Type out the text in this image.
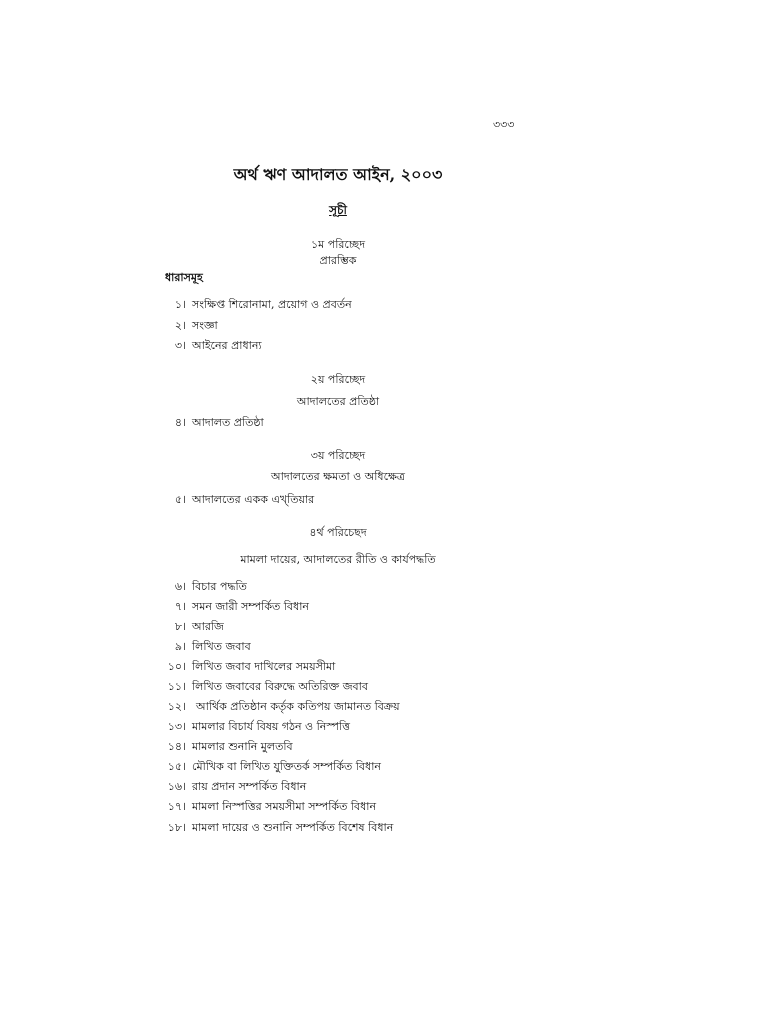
৩৩৩
অর্থ ঋণ আদালত আইন, ২০০৩
সূচী
১ম পরিচ্ছেদ
প্রারম্ভিক
ধারাসমূহ
১। সংক্ষিপ্ত শিরোনামা, প্রয়োগ ও প্রবর্তন
২। সংজ্ঞা
৩। আইনের প্রাধান্য
২য় পরিচ্ছেদ
আদালতের প্রতিষ্ঠা
৪। আদালত প্রতিষ্ঠা
৩য় পরিচ্ছেদ
আদালতের ক্ষমতা ও অধিক্ষেত্র
৫। আদালতের একক এখ্‌তিয়ার
৪র্থ পরিচেছদ
মামলা দায়ের, আদালতের রীতি ও কার্যপদ্ধতি
৬। বিচার পদ্ধতি
৭। সমন জারী সম্পর্কিত বিধান
৮। আরজি
৯। লিখিত জবাব
১০। লিখিত জবাব দাখিলের সময়সীমা
১১। লিখিত জবাবের বিরুদ্ধে অতিরিক্ত জবাব
১২। আর্থিক প্রতিষ্ঠান কর্তৃক কতিপয় জামানত বিক্রয়
১৩। মামলার বিচার্য বিষয় গঠন ও নিস্পত্তি
১৪। মামলার শুনানি মুলতবি
১৫। মৌখিক বা লিখিত যুক্তিতর্ক সম্পর্কিত বিধান
১৬। রায় প্রদান সম্পর্কিত বিধান
১৭। মামলা নিস্পত্তির সময়সীমা সম্পর্কিত বিধান
১৮। মামলা দায়ের ও শুনানি সম্পর্কিত বিশেষ বিধান
